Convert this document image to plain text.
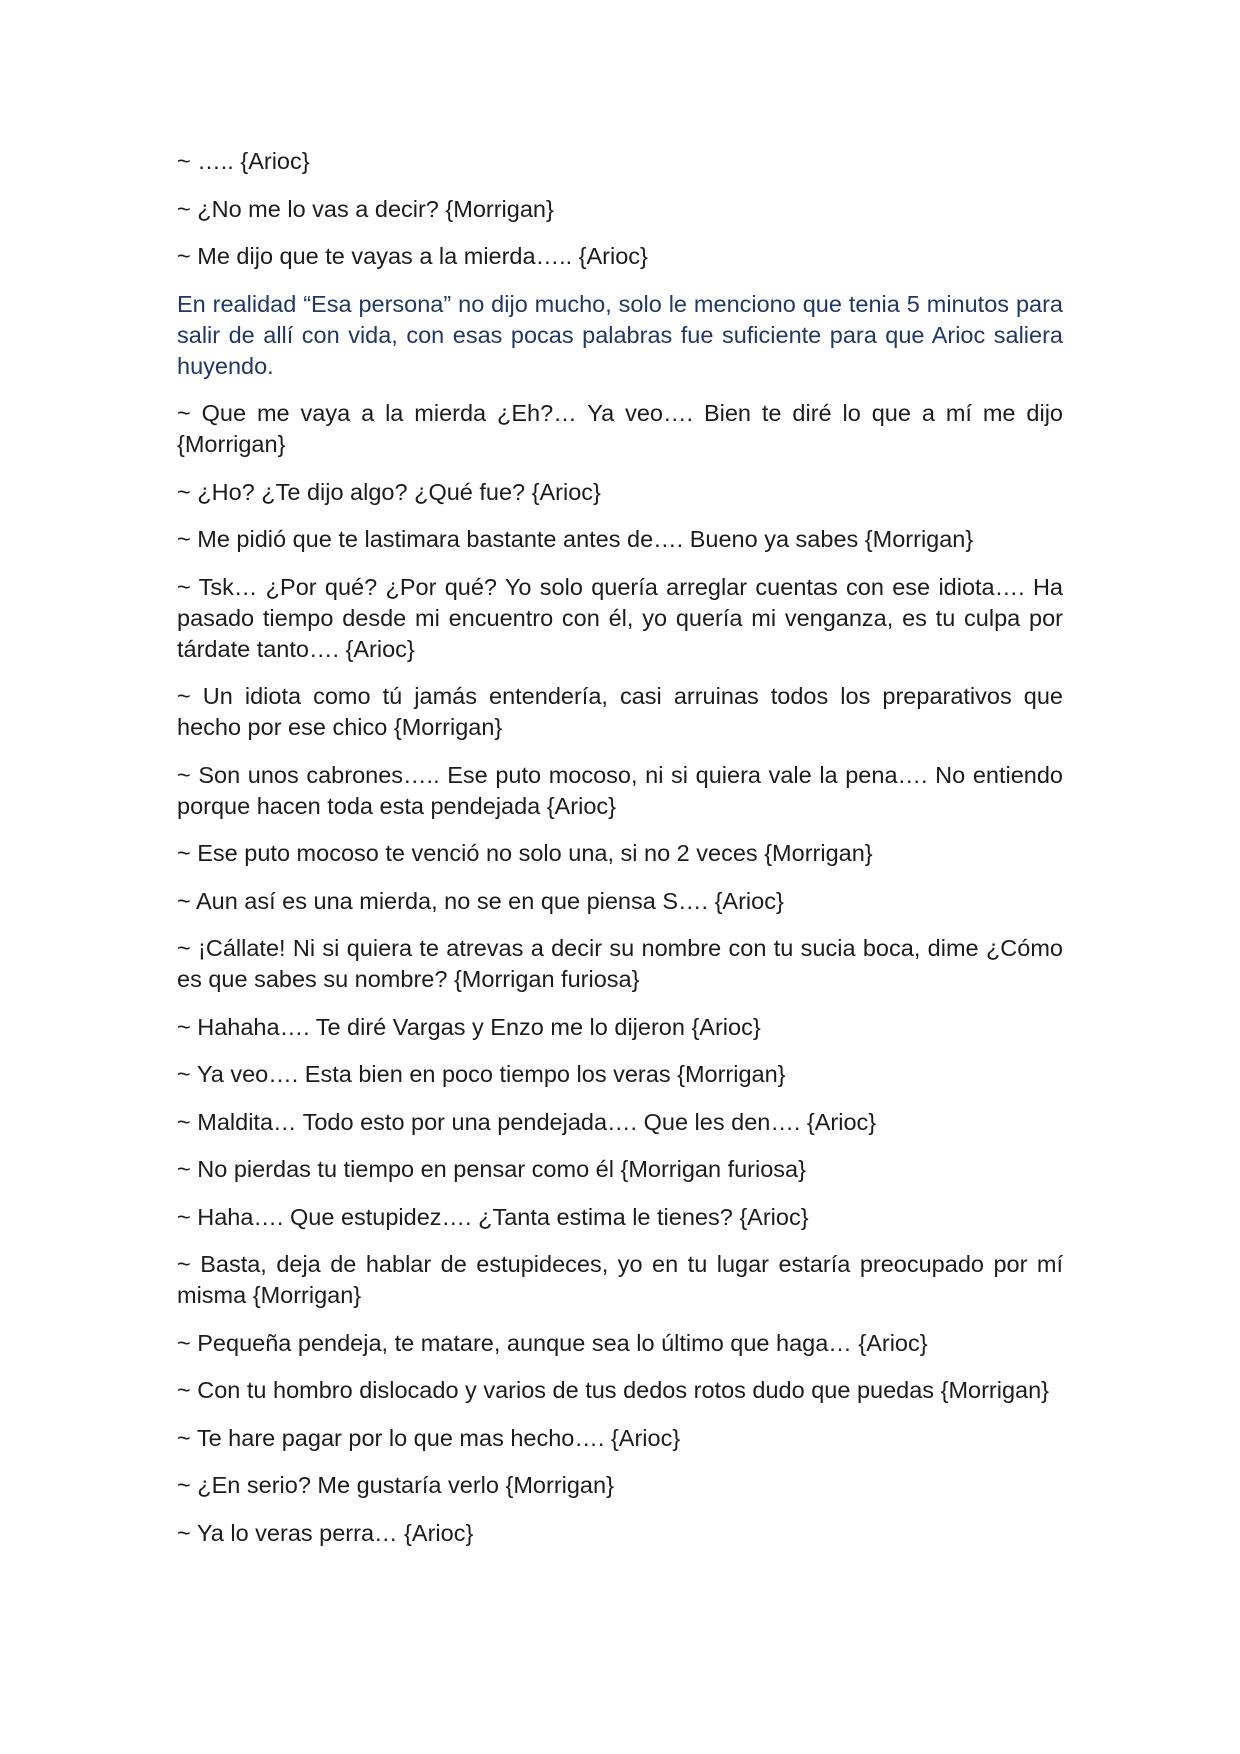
~ ….. {Arioc}

~ ¿No me lo vas a decir? {Morrigan}

~ Me dijo que te vayas a la mierda….. {Arioc}

En realidad “Esa persona” no dijo mucho, solo le menciono que tenia 5 minutos para salir de allí con vida, con esas pocas palabras fue suficiente para que Arioc saliera huyendo.

~ Que me vaya a la mierda ¿Eh?… Ya veo…. Bien te diré lo que a mí me dijo {Morrigan}

~ ¿Ho? ¿Te dijo algo? ¿Qué fue? {Arioc}

~ Me pidió que te lastimara bastante antes de…. Bueno ya sabes {Morrigan}

~ Tsk… ¿Por qué? ¿Por qué? Yo solo quería arreglar cuentas con ese idiota…. Ha pasado tiempo desde mi encuentro con él, yo quería mi venganza, es tu culpa por tárdate tanto…. {Arioc}

~ Un idiota como tú jamás entendería, casi arruinas todos los preparativos que hecho por ese chico {Morrigan}

~ Son unos cabrones….. Ese puto mocoso, ni si quiera vale la pena…. No entiendo porque hacen toda esta pendejada {Arioc}

~ Ese puto mocoso te venció no solo una, si no 2 veces {Morrigan}

~ Aun así es una mierda, no se en que piensa S…. {Arioc}

~ ¡Cállate! Ni si quiera te atrevas a decir su nombre con tu sucia boca, dime ¿Cómo es que sabes su nombre? {Morrigan furiosa}

~ Hahaha…. Te diré Vargas y Enzo me lo dijeron {Arioc}

~ Ya veo…. Esta bien en poco tiempo los veras {Morrigan}

~ Maldita… Todo esto por una pendejada…. Que les den…. {Arioc}

~ No pierdas tu tiempo en pensar como él {Morrigan furiosa}

~ Haha…. Que estupidez…. ¿Tanta estima le tienes? {Arioc}

~ Basta, deja de hablar de estupideces, yo en tu lugar estaría preocupado por mí misma {Morrigan}

~ Pequeña pendeja, te matare, aunque sea lo último que haga… {Arioc}

~ Con tu hombro dislocado y varios de tus dedos rotos dudo que puedas {Morrigan}

~ Te hare pagar por lo que mas hecho…. {Arioc}

~ ¿En serio? Me gustaría verlo {Morrigan}

~ Ya lo veras perra… {Arioc}
